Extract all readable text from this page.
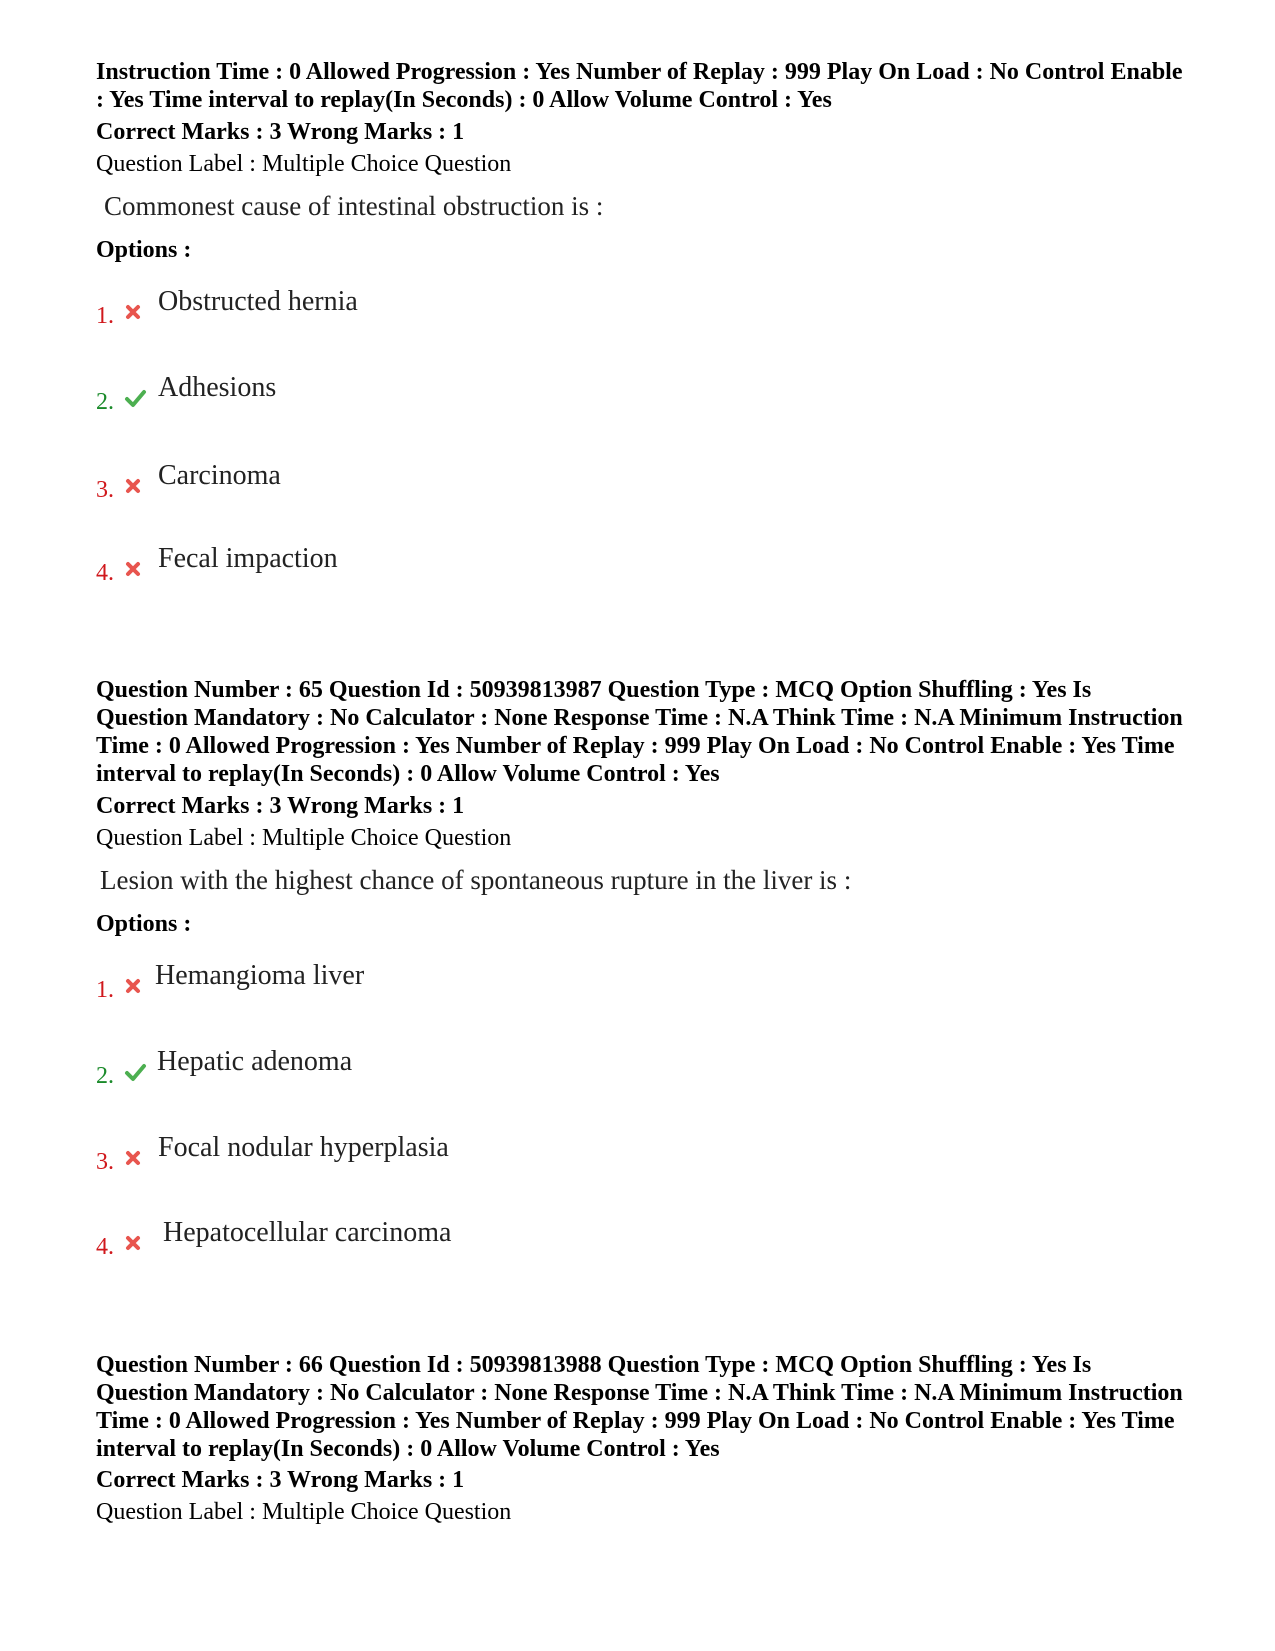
Instruction Time : 0 Allowed Progression : Yes Number of Replay : 999 Play On Load : No Control Enable : Yes Time interval to replay(In Seconds) : 0 Allow Volume Control : Yes
Correct Marks : 3 Wrong Marks : 1
Question Label : Multiple Choice Question
Commonest cause of intestinal obstruction is :
Options :
1. Obstructed hernia
2. Adhesions
3. Carcinoma
4. Fecal impaction
Question Number : 65 Question Id : 50939813987 Question Type : MCQ Option Shuffling : Yes Is Question Mandatory : No Calculator : None Response Time : N.A Think Time : N.A Minimum Instruction Time : 0 Allowed Progression : Yes Number of Replay : 999 Play On Load : No Control Enable : Yes Time interval to replay(In Seconds) : 0 Allow Volume Control : Yes
Correct Marks : 3 Wrong Marks : 1
Question Label : Multiple Choice Question
Lesion with the highest chance of spontaneous rupture in the liver is :
Options :
1. Hemangioma liver
2. Hepatic adenoma
3. Focal nodular hyperplasia
4. Hepatocellular carcinoma
Question Number : 66 Question Id : 50939813988 Question Type : MCQ Option Shuffling : Yes Is Question Mandatory : No Calculator : None Response Time : N.A Think Time : N.A Minimum Instruction Time : 0 Allowed Progression : Yes Number of Replay : 999 Play On Load : No Control Enable : Yes Time interval to replay(In Seconds) : 0 Allow Volume Control : Yes
Correct Marks : 3 Wrong Marks : 1
Question Label : Multiple Choice Question
